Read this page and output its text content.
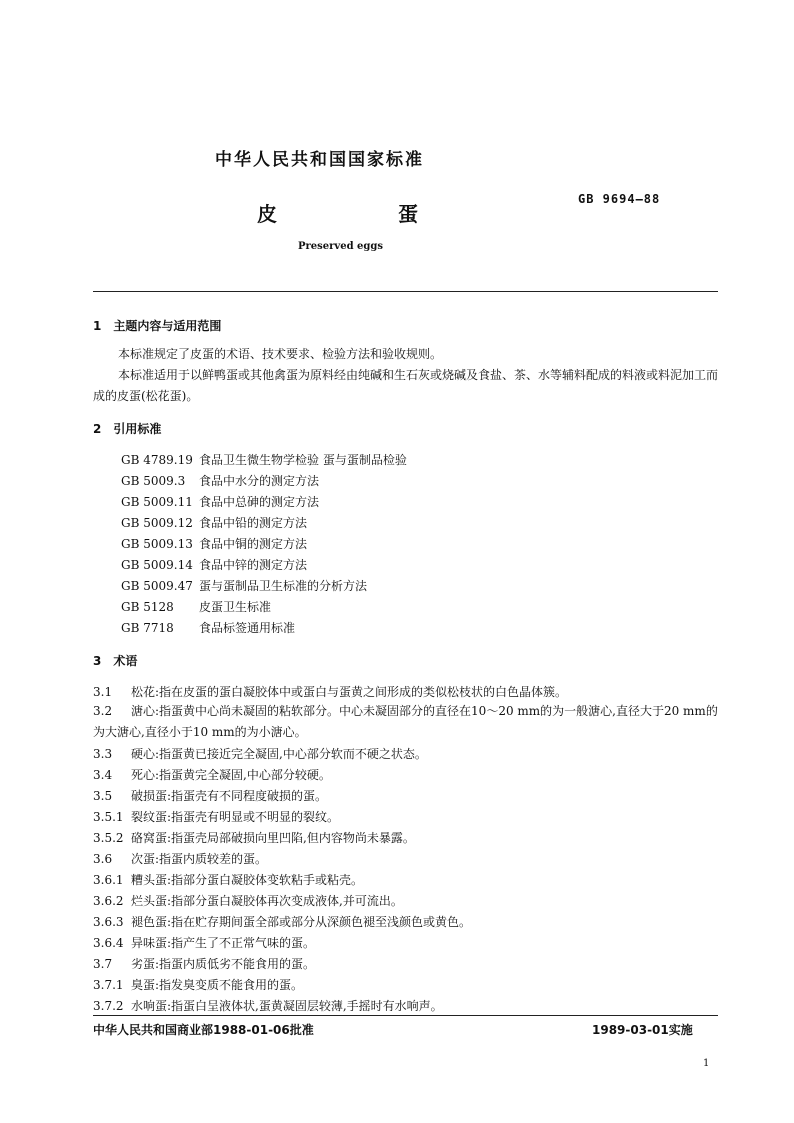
中华人民共和国国家标准
皮	蛋
GB 9694—88
Preserved eggs
1 主题内容与适用范围
本标准规定了皮蛋的术语、技术要求、检验方法和验收规则。
本标准适用于以鲜鸭蛋或其他禽蛋为原料经由纯碱和生石灰或烧碱及食盐、茶、水等辅料配成的料液或料泥加工而成的皮蛋(松花蛋)。
2 引用标准
GB 4789.19 食品卫生微生物学检验 蛋与蛋制品检验
GB 5009.3 食品中水分的测定方法
GB 5009.11 食品中总砷的测定方法
GB 5009.12 食品中铅的测定方法
GB 5009.13 食品中铜的测定方法
GB 5009.14 食品中锌的测定方法
GB 5009.47 蛋与蛋制品卫生标准的分析方法
GB 5128 皮蛋卫生标准
GB 7718 食品标签通用标准
3 术语
3.1 松花:指在皮蛋的蛋白凝胶体中或蛋白与蛋黄之间形成的类似松枝状的白色晶体簇。
3.2 溏心:指蛋黄中心尚未凝固的粘软部分。中心未凝固部分的直径在10～20 mm的为一般溏心,直径大于20 mm的为大溏心,直径小于10 mm的为小溏心。
3.3 硬心:指蛋黄已接近完全凝固,中心部分软而不硬之状态。
3.4 死心:指蛋黄完全凝固,中心部分较硬。
3.5 破损蛋:指蛋壳有不同程度破损的蛋。
3.5.1 裂纹蛋:指蛋壳有明显或不明显的裂纹。
3.5.2 硌窝蛋:指蛋壳局部破损向里凹陷,但内容物尚未暴露。
3.6 次蛋:指蛋内质较差的蛋。
3.6.1 糟头蛋:指部分蛋白凝胶体变软粘手或粘壳。
3.6.2 烂头蛋:指部分蛋白凝胶体再次变成液体,并可流出。
3.6.3 褪色蛋:指在贮存期间蛋全部或部分从深颜色褪至浅颜色或黄色。
3.6.4 异味蛋:指产生了不正常气味的蛋。
3.7 劣蛋:指蛋内质低劣不能食用的蛋。
3.7.1 臭蛋:指发臭变质不能食用的蛋。
3.7.2 水响蛋:指蛋白呈液体状,蛋黄凝固层较薄,手摇时有水响声。
中华人民共和国商业部1988-01-06批准	1989-03-01实施
1
